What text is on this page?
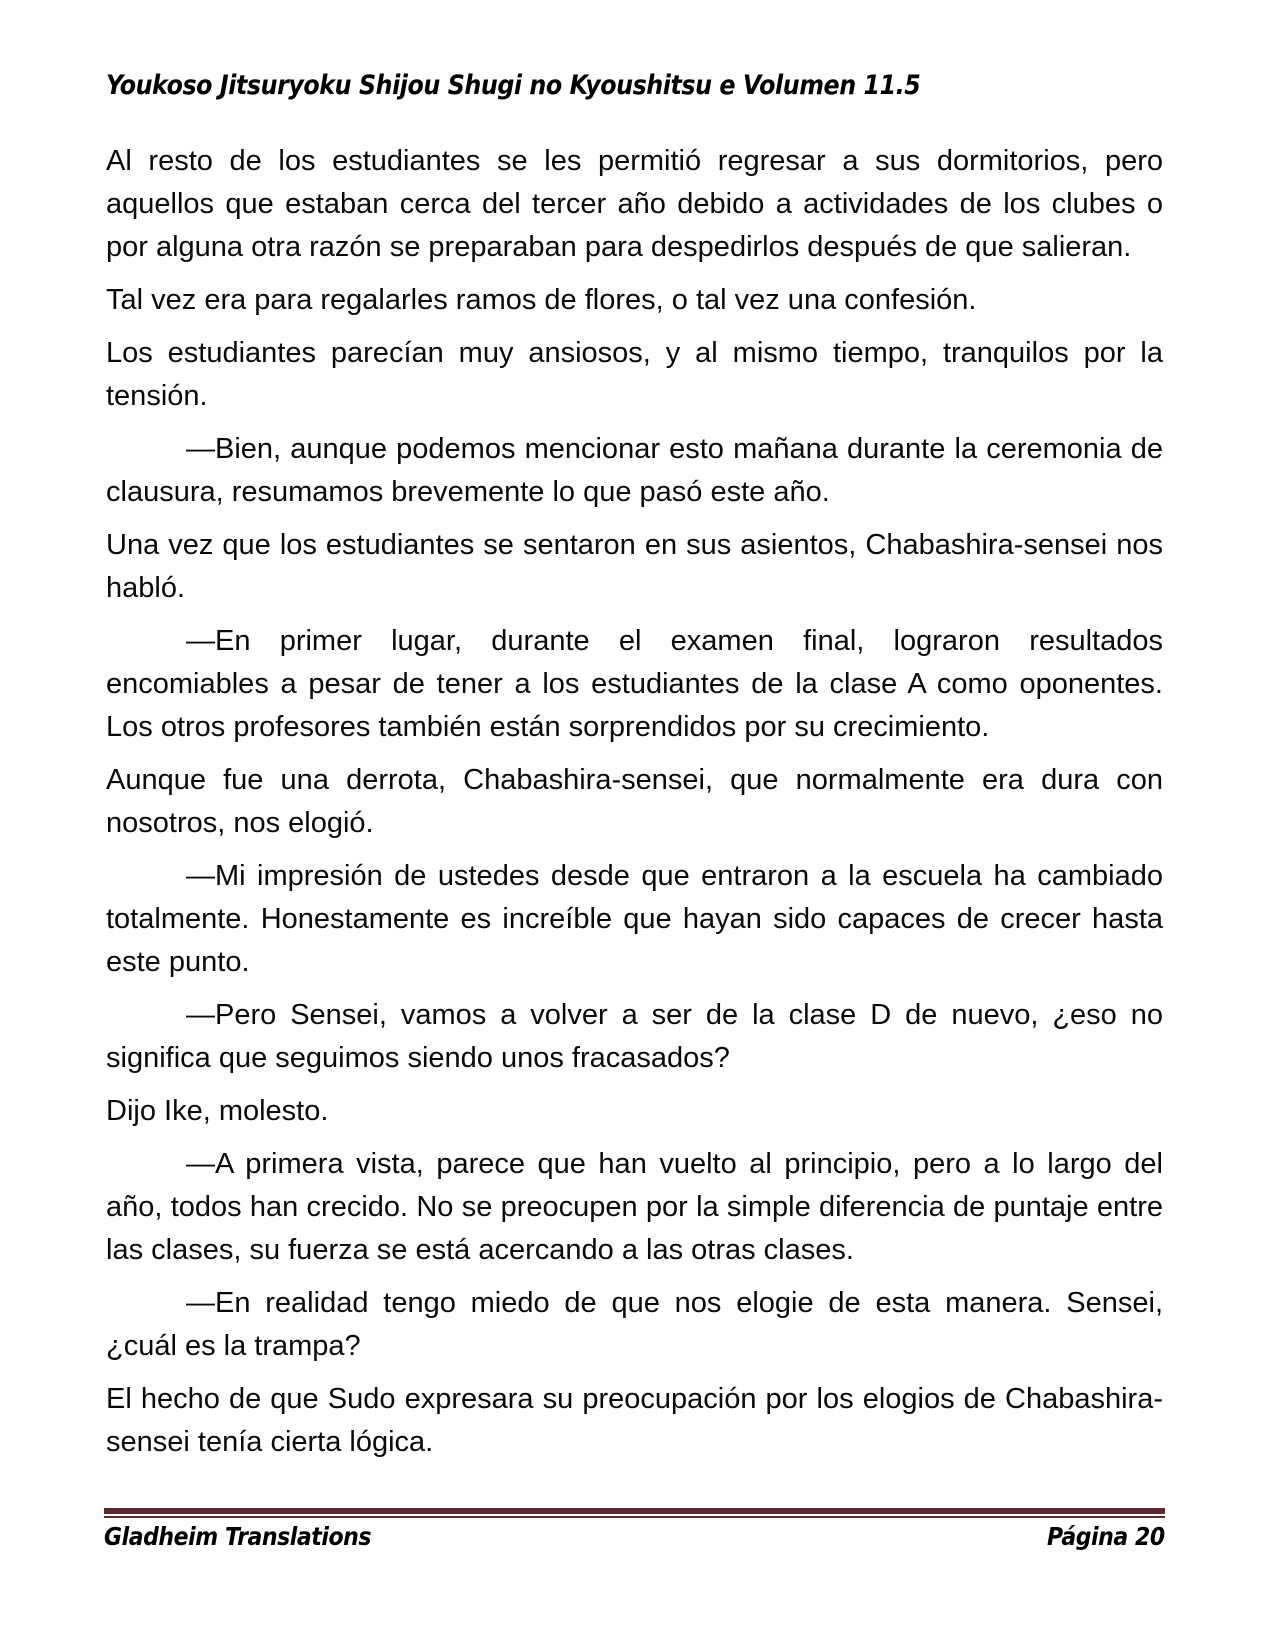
Youkoso Jitsuryoku Shijou Shugi no Kyoushitsu e Volumen 11.5

Al resto de los estudiantes se les permitió regresar a sus dormitorios, pero aquellos que estaban cerca del tercer año debido a actividades de los clubes o por alguna otra razón se preparaban para despedirlos después de que salieran.

Tal vez era para regalarles ramos de flores, o tal vez una confesión.

Los estudiantes parecían muy ansiosos, y al mismo tiempo, tranquilos por la tensión.

—Bien, aunque podemos mencionar esto mañana durante la ceremonia de clausura, resumamos brevemente lo que pasó este año.

Una vez que los estudiantes se sentaron en sus asientos, Chabashira-sensei nos habló.

—En primer lugar, durante el examen final, lograron resultados encomiables a pesar de tener a los estudiantes de la clase A como oponentes. Los otros profesores también están sorprendidos por su crecimiento.

Aunque fue una derrota, Chabashira-sensei, que normalmente era dura con nosotros, nos elogió.

—Mi impresión de ustedes desde que entraron a la escuela ha cambiado totalmente. Honestamente es increíble que hayan sido capaces de crecer hasta este punto.

—Pero Sensei, vamos a volver a ser de la clase D de nuevo, ¿eso no significa que seguimos siendo unos fracasados?

Dijo Ike, molesto.

—A primera vista, parece que han vuelto al principio, pero a lo largo del año, todos han crecido. No se preocupen por la simple diferencia de puntaje entre las clases, su fuerza se está acercando a las otras clases.

—En realidad tengo miedo de que nos elogie de esta manera. Sensei, ¿cuál es la trampa?

El hecho de que Sudo expresara su preocupación por los elogios de Chabashira-sensei tenía cierta lógica.

Gladheim Translations	Página 20
